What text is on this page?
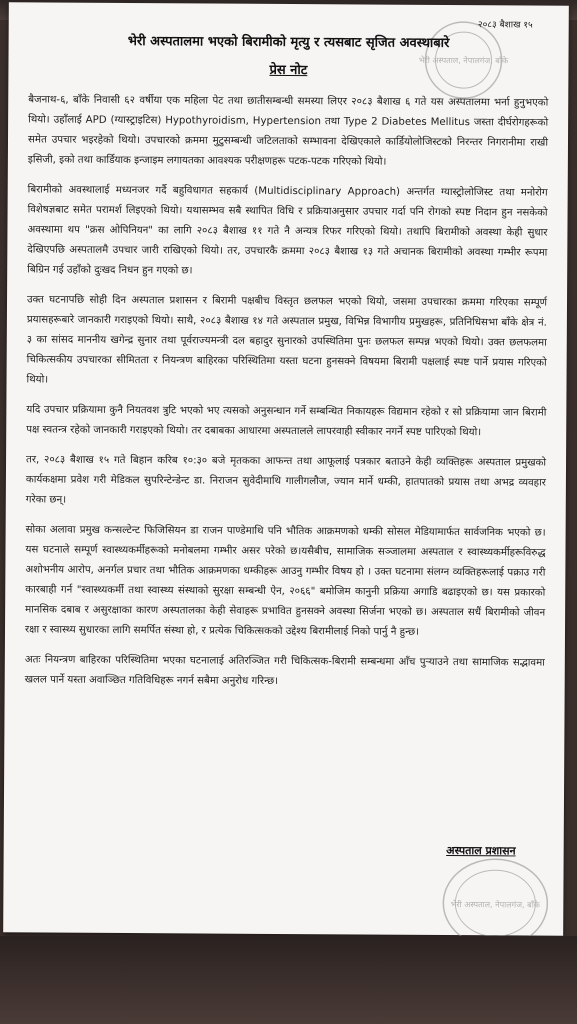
भेरी अस्पताल, नेपालगंज, बाँके
२०८३ बैशाख १५
भेरी अस्पतालमा भएको बिरामीको मृत्यु र त्यसबाट सृजित अवस्थाबारे
प्रेस नोट

बैजनाथ-६, बाँके निवासी ६२ वर्षीया एक महिला पेट तथा छातीसम्बन्धी समस्या लिएर २०८३ बैशाख ६ गते यस अस्पतालमा भर्ना हुनुभएको थियो। उहाँलाई APD (ग्यास्ट्राइटिस) Hypothyroidism, Hypertension तथा Type 2 Diabetes Mellitus जस्ता दीर्घरोगहरूको समेत उपचार भइरहेको थियो। उपचारको क्रममा मुटुसम्बन्धी जटिलताको सम्भावना देखिएकाले कार्डियोलोजिस्टको निरन्तर निगरानीमा राखी इसिजी, इको तथा कार्डियाक इन्जाइम लगायतका आवश्यक परीक्षणहरू पटक-पटक गरिएको थियो।

बिरामीको अवस्थालाई मध्यनजर गर्दै बहुविधागत सहकार्य (Multidisciplinary Approach) अन्तर्गत ग्यास्ट्रोलोजिस्ट तथा मनोरोग विशेषज्ञबाट समेत परामर्श लिइएको थियो। यथासम्भव सबै स्थापित विधि र प्रक्रियाअनुसार उपचार गर्दा पनि रोगको स्पष्ट निदान हुन नसकेको अवस्थामा थप "क्रस ओपिनियन" का लागि २०८३ बैशाख ११ गते नै अन्यत्र रिफर गरिएको थियो। तथापि बिरामीको अवस्था केही सुधार देखिएपछि अस्पतालमै उपचार जारी राखिएको थियो। तर, उपचारकै क्रममा २०८३ बैशाख १३ गते अचानक बिरामीको अवस्था गम्भीर रूपमा बिग्रिन गई उहाँको दुःखद निधन हुन गएको छ।

उक्त घटनापछि सोही दिन अस्पताल प्रशासन र बिरामी पक्षबीच विस्तृत छलफल भएको थियो, जसमा उपचारका क्रममा गरिएका सम्पूर्ण प्रयासहरूबारे जानकारी गराइएको थियो। साथै, २०८३ बैशाख १४ गते अस्पताल प्रमुख, विभिन्न विभागीय प्रमुखहरू, प्रतिनिधिसभा बाँके क्षेत्र नं. ३ का सांसद माननीय खगेन्द्र सुनार तथा पूर्वराज्यमन्त्री दल बहादुर सुनारको उपस्थितिमा पुनः छलफल सम्पन्न भएको थियो। उक्त छलफलमा चिकित्सकीय उपचारका सीमितता र नियन्त्रण बाहिरका परिस्थितिमा यस्ता घटना हुनसक्ने विषयमा बिरामी पक्षलाई स्पष्ट पार्ने प्रयास गरिएको थियो।

यदि उपचार प्रक्रियामा कुनै नियतवश त्रुटि भएको भए त्यसको अनुसन्धान गर्ने सम्बन्धित निकायहरू विद्यमान रहेको र सो प्रक्रियामा जान बिरामी पक्ष स्वतन्त्र रहेको जानकारी गराइएको थियो। तर दबाबका आधारमा अस्पतालले लापरवाही स्वीकार नगर्ने स्पष्ट पारिएको थियो।

तर, २०८३ बैशाख १५ गते बिहान करिब १०:३० बजे मृतकका आफन्त तथा आफूलाई पत्रकार बताउने केही व्यक्तिहरू अस्पताल प्रमुखको कार्यकक्षमा प्रवेश गरी मेडिकल सुपरिन्टेन्डेन्ट डा. निराजन सुवेदीमाथि गालीगलौज, ज्यान मार्ने धम्की, हातपातको प्रयास तथा अभद्र व्यवहार गरेका छन्।

सोका अलावा प्रमुख कन्सल्टेन्ट फिजिसियन डा राजन पाण्डेमाथि पनि भौतिक आक्रमणको धम्की सोसल मेडियामार्फत सार्वजनिक भएको छ। यस घटनाले सम्पूर्ण स्वास्थ्यकर्मीहरूको मनोबलमा गम्भीर असर परेको छ।यसैबीच, सामाजिक सञ्जालमा अस्पताल र स्वास्थ्यकर्मीहरूविरुद्ध अशोभनीय आरोप, अनर्गल प्रचार तथा भौतिक आक्रमणका धम्कीहरू आउनु गम्भीर विषय हो । उक्त घटनामा संलग्न व्यक्तिहरूलाई पक्राउ गरी कारबाही गर्न "स्वास्थ्यकर्मी तथा स्वास्थ्य संस्थाको सुरक्षा सम्बन्धी ऐन, २०६६" बमोजिम कानुनी प्रक्रिया अगाडि बढाइएको छ। यस प्रकारको मानसिक दबाब र असुरक्षाका कारण अस्पतालका केही सेवाहरू प्रभावित हुनसक्ने अवस्था सिर्जना भएको छ। अस्पताल सधैं बिरामीको जीवन रक्षा र स्वास्थ्य सुधारका लागि समर्पित संस्था हो, र प्रत्येक चिकित्सकको उद्देश्य बिरामीलाई निको पार्नु नै हुन्छ।

अतः नियन्त्रण बाहिरका परिस्थितिमा भएका घटनालाई अतिरञ्जित गरी चिकित्सक-बिरामी सम्बन्धमा आँच पुर्‍याउने तथा सामाजिक सद्भावमा खलल पार्ने यस्ता अवाञ्छित गतिविधिहरू नगर्न सबैमा अनुरोध गरिन्छ।

अस्पताल प्रशासन
भेरी अस्पताल, नेपालगंज, बाँके
